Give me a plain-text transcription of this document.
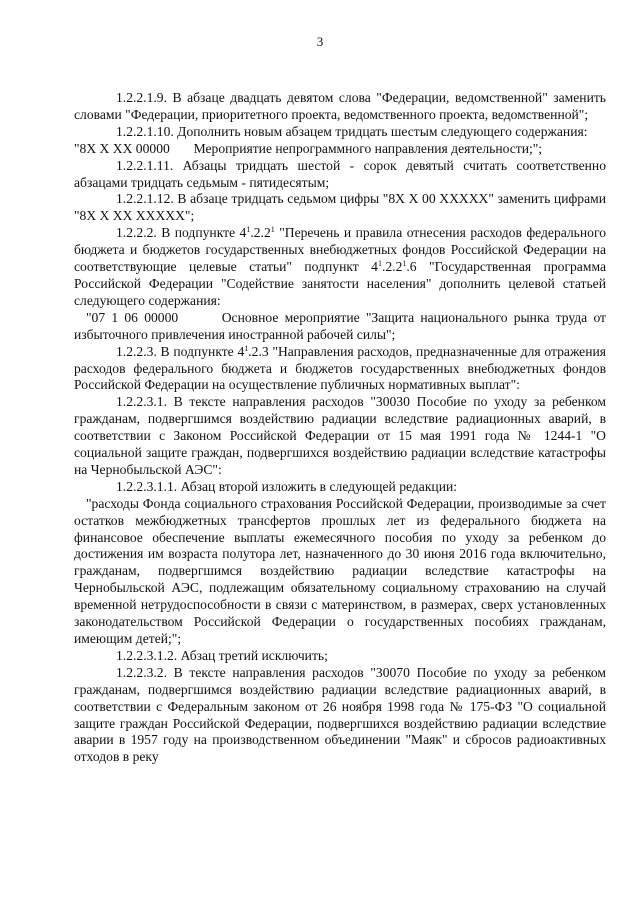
3

1.2.2.1.9. В абзаце двадцать девятом слова "Федерации, ведомственной" заменить словами "Федерации, приоритетного проекта, ведомственного проекта, ведомственной";

1.2.2.1.10. Дополнить новым абзацем тридцать шестым следующего содержания:

"8Х Х ХХ 00000 Мероприятие непрограммного направления деятельности;";

1.2.2.1.11. Абзацы тридцать шестой - сорок девятый считать соответственно абзацами тридцать седьмым - пятидесятым;

1.2.2.1.12. В абзаце тридцать седьмом цифры "8Х Х 00 ХХХХХ" заменить цифрами "8Х Х ХХ ХХХХХ";

1.2.2.2. В подпункте $4^1.2.2^1$ "Перечень и правила отнесения расходов федерального бюджета и бюджетов государственных внебюджетных фондов Российской Федерации на соответствующие целевые статьи" подпункт $4^1.2.2^1.6$ "Государственная программа Российской Федерации "Содействие занятости населения" дополнить целевой статьей следующего содержания:

"07 1 06 00000	Основное мероприятие "Защита национального рынка труда от избыточного привлечения иностранной рабочей силы";

1.2.2.3. В подпункте $4^1.2.3$ "Направления расходов, предназначенные для отражения расходов федерального бюджета и бюджетов государственных внебюджетных фондов Российской Федерации на осуществление публичных нормативных выплат":

1.2.2.3.1. В тексте направления расходов "30030 Пособие по уходу за ребенком гражданам, подвергшимся воздействию радиации вследствие радиационных аварий, в соответствии с Законом Российской Федерации от 15 мая 1991 года № 1244-1 "О социальной защите граждан, подвергшихся воздействию радиации вследствие катастрофы на Чернобыльской АЭС":

1.2.2.3.1.1. Абзац второй изложить в следующей редакции:

"расходы Фонда социального страхования Российской Федерации, производимые за счет остатков межбюджетных трансфертов прошлых лет из федерального бюджета на финансовое обеспечение выплаты ежемесячного пособия по уходу за ребенком до достижения им возраста полутора лет, назначенного до 30 июня 2016 года включительно, гражданам, подвергшимся воздействию радиации вследствие катастрофы на Чернобыльской АЭС, подлежащим обязательному социальному страхованию на случай временной нетрудоспособности в связи с материнством, в размерах, сверх установленных законодательством Российской Федерации о государственных пособиях гражданам, имеющим детей;";

1.2.2.3.1.2. Абзац третий исключить;

1.2.2.3.2. В тексте направления расходов "30070 Пособие по уходу за ребенком гражданам, подвергшимся воздействию радиации вследствие радиационных аварий, в соответствии с Федеральным законом от 26 ноября 1998 года № 175-ФЗ "О социальной защите граждан Российской Федерации, подвергшихся воздействию радиации вследствие аварии в 1957 году на производственном объединении "Маяк" и сбросов радиоактивных отходов в реку
